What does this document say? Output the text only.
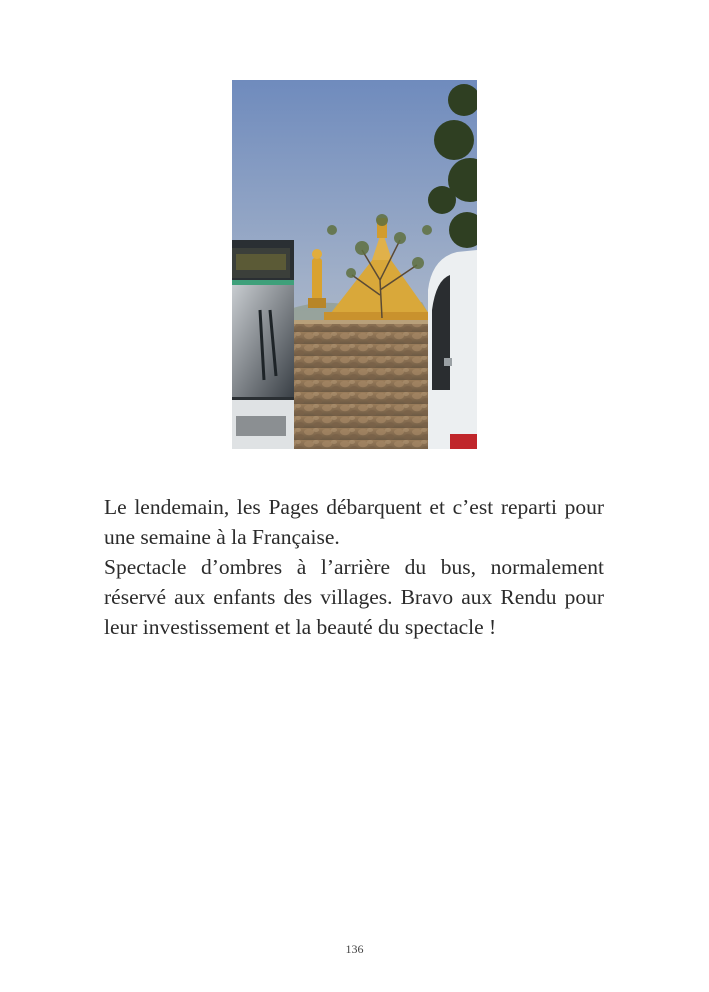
Le lendemain, les Pages débarquent et c’est reparti pour une semaine à la Française.

Spectacle d’ombres à l’arrière du bus, normalement réservé aux enfants des villages. Bravo aux Rendu pour leur investissement et la beauté du spectacle !

136
